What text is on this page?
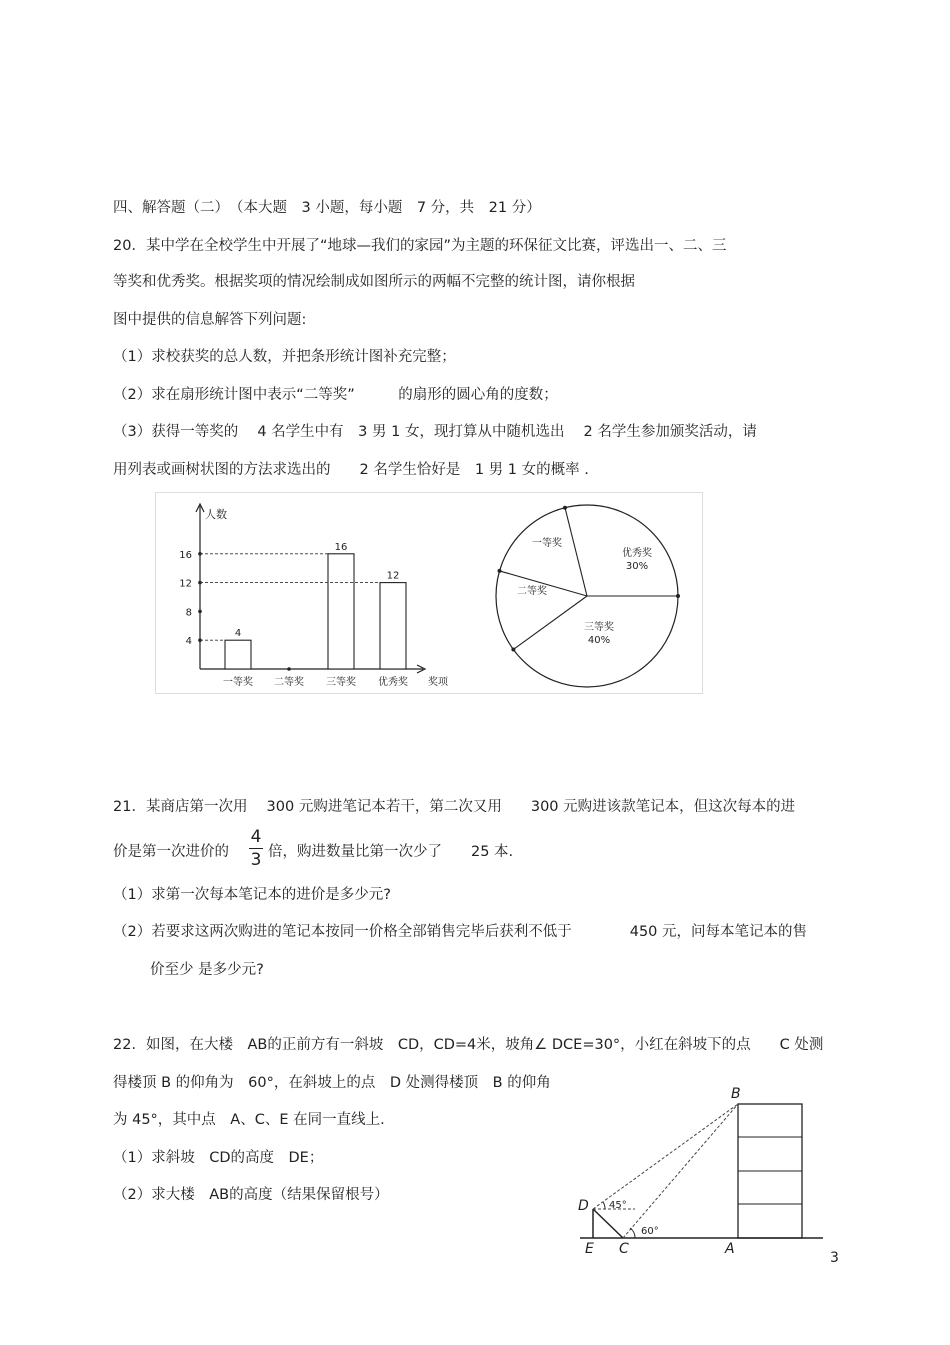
四、解答题（二）　（本大题　3 小题，每小题　7 分，共　21 分）
20．某中学在全校学生中开展了“地球—我们的家园”为主题的环保征文比赛，评选出一、二、三
等奖和优秀奖。根据奖项的情况绘制成如图所示的两幅不完整的统计图，请你根据
图中提供的信息解答下列问题:
（1）求校获奖的总人数，并把条形统计图补充完整；
（2）求在扇形统计图中表示“二等奖”　　　的扇形的圆心角的度数；
（3）获得一等奖的　 4 名学生中有　3 男 1 女，现打算从中随机选出　 2 名学生参加颁奖活动，请
用列表或画树状图的方法求选出的　　2 名学生恰好是　1 男 1 女的概率 .
人数
奖项
4
8
12
16
一等奖
4
二等奖 三等奖
16
优秀奖
12
一等奖
优秀奖
30%
三等奖
40%
二等奖
21．某商店第一次用　 300 元购进笔记本若干，第二次又用　　300 元购进该款笔记本，但这次每本的进
价是第一次进价的
4
3 倍，购进数量比第一次少了　　25 本.
（1）求第一次每本笔记本的进价是多少元?
（2）若要求这两次购进的笔记本按同一价格全部销售完毕后获利不低于　　　　450 元，问每本笔记本的售
价至少 是多少元?
22．如图，在大楼　AB的正前方有一斜坡　CD，CD=4米，坡角∠ DCE=30°，小红在斜坡下的点　　C 处测
得楼顶 B 的仰角为　60°，在斜坡上的点　D 处测得楼顶　B 的仰角
为 45°，其中点　A、C、E 在同一直线上.
（1）求斜坡　CD的高度　DE；
（2）求大楼　AB的高度（结果保留根号）
B
D
E C	A
45°
60°
3
